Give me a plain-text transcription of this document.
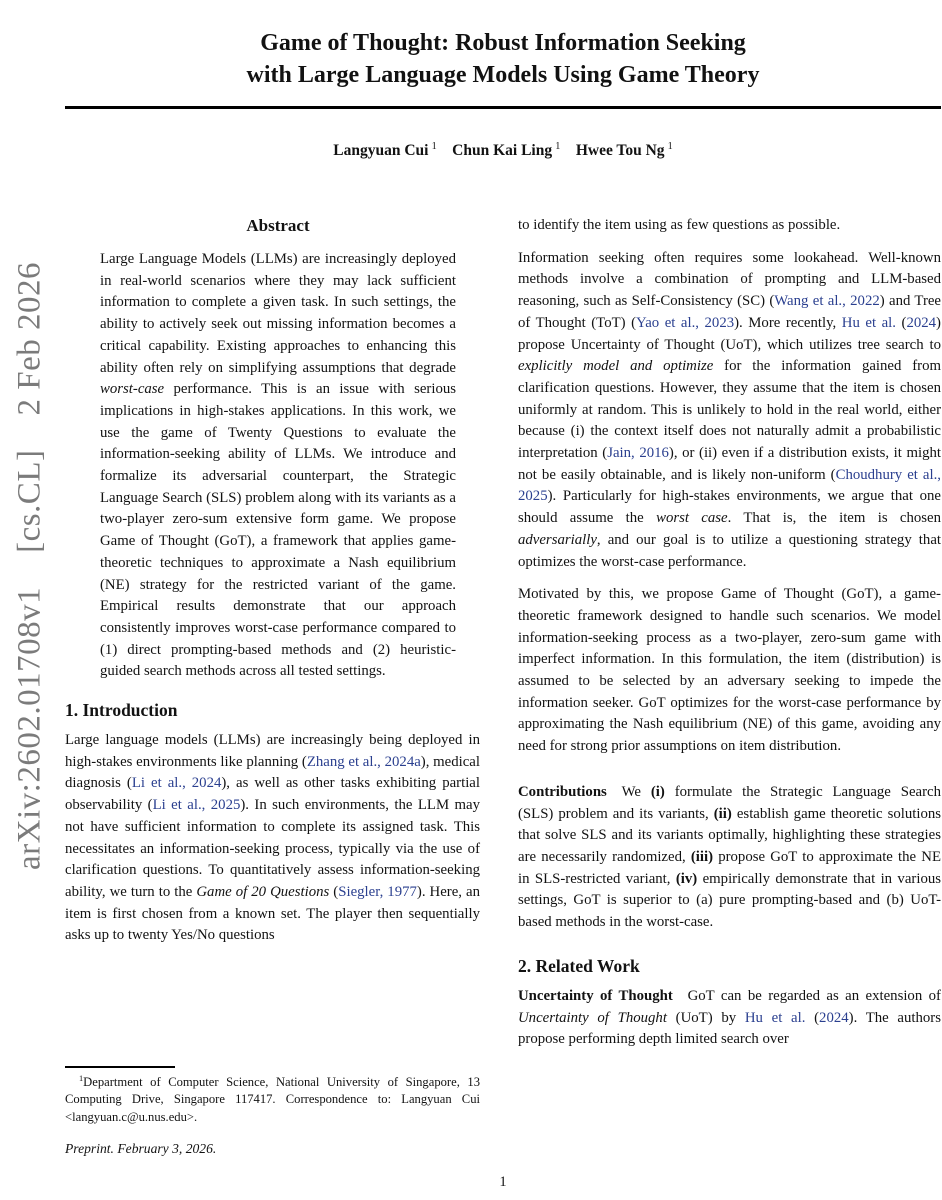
arXiv:2602.01708v1  [cs.CL]  2 Feb 2026
Game of Thought: Robust Information Seeking
with Large Language Models Using Game Theory
Langyuan Cui $^1$  Chun Kai Ling $^1$  Hwee Tou Ng $^1$
Abstract

Large Language Models (LLMs) are increasingly deployed in real-world scenarios where they may lack sufficient information to complete a given task. In such settings, the ability to actively seek out missing information becomes a critical capability. Existing approaches to enhancing this ability often rely on simplifying assumptions that degrade worst-case performance. This is an issue with serious implications in high-stakes applications. In this work, we use the game of Twenty Questions to evaluate the information-seeking ability of LLMs. We introduce and formalize its adversarial counterpart, the Strategic Language Search (SLS) problem along with its variants as a two-player zero-sum extensive form game. We propose Game of Thought (GoT), a framework that applies game-theoretic techniques to approximate a Nash equilibrium (NE) strategy for the restricted variant of the game. Empirical results demonstrate that our approach consistently improves worst-case performance compared to (1) direct prompting-based methods and (2) heuristic-guided search methods across all tested settings.

1. Introduction

Large language models (LLMs) are increasingly being deployed in high-stakes environments like planning (Zhang et al., 2024a), medical diagnosis (Li et al., 2024), as well as other tasks exhibiting partial observability (Li et al., 2025). In such environments, the LLM may not have sufficient information to complete its assigned task. This necessitates an information-seeking process, typically via the use of clarification questions. To quantitatively assess information-seeking ability, we turn to the Game of 20 Questions (Siegler, 1977). Here, an item is first chosen from a known set. The player then sequentially asks up to twenty Yes/No questions

to identify the item using as few questions as possible.

Information seeking often requires some lookahead. Well-known methods involve a combination of prompting and LLM-based reasoning, such as Self-Consistency (SC) (Wang et al., 2022) and Tree of Thought (ToT) (Yao et al., 2023). More recently, Hu et al. (2024) propose Uncertainty of Thought (UoT), which utilizes tree search to explicitly model and optimize for the information gained from clarification questions. However, they assume that the item is chosen uniformly at random. This is unlikely to hold in the real world, either because (i) the context itself does not naturally admit a probabilistic interpretation (Jain, 2016), or (ii) even if a distribution exists, it might not be easily obtainable, and is likely non-uniform (Choudhury et al., 2025). Particularly for high-stakes environments, we argue that one should assume the worst case. That is, the item is chosen adversarially, and our goal is to utilize a questioning strategy that optimizes the worst-case performance.

Motivated by this, we propose Game of Thought (GoT), a game-theoretic framework designed to handle such scenarios. We model information-seeking process as a two-player, zero-sum game with imperfect information. In this formulation, the item (distribution) is assumed to be selected by an adversary seeking to impede the information seeker. GoT optimizes for the worst-case performance by approximating the Nash equilibrium (NE) of this game, avoiding any need for strong prior assumptions on item distribution.

Contributions We (i) formulate the Strategic Language Search (SLS) problem and its variants, (ii) establish game theoretic solutions that solve SLS and its variants optimally, highlighting these strategies are necessarily randomized, (iii) propose GoT to approximate the NE in SLS-restricted variant, (iv) empirically demonstrate that in various settings, GoT is superior to (a) pure prompting-based and (b) UoT-based methods in the worst-case.

2. Related Work

Uncertainty of Thought GoT can be regarded as an extension of Uncertainty of Thought (UoT) by Hu et al. (2024). The authors propose performing depth limited search over

$^1$Department of Computer Science, National University of Singapore, 13 Computing Drive, Singapore 117417. Correspondence to: Langyuan Cui <langyuan.c@u.nus.edu>.

Preprint. February 3, 2026.

1
